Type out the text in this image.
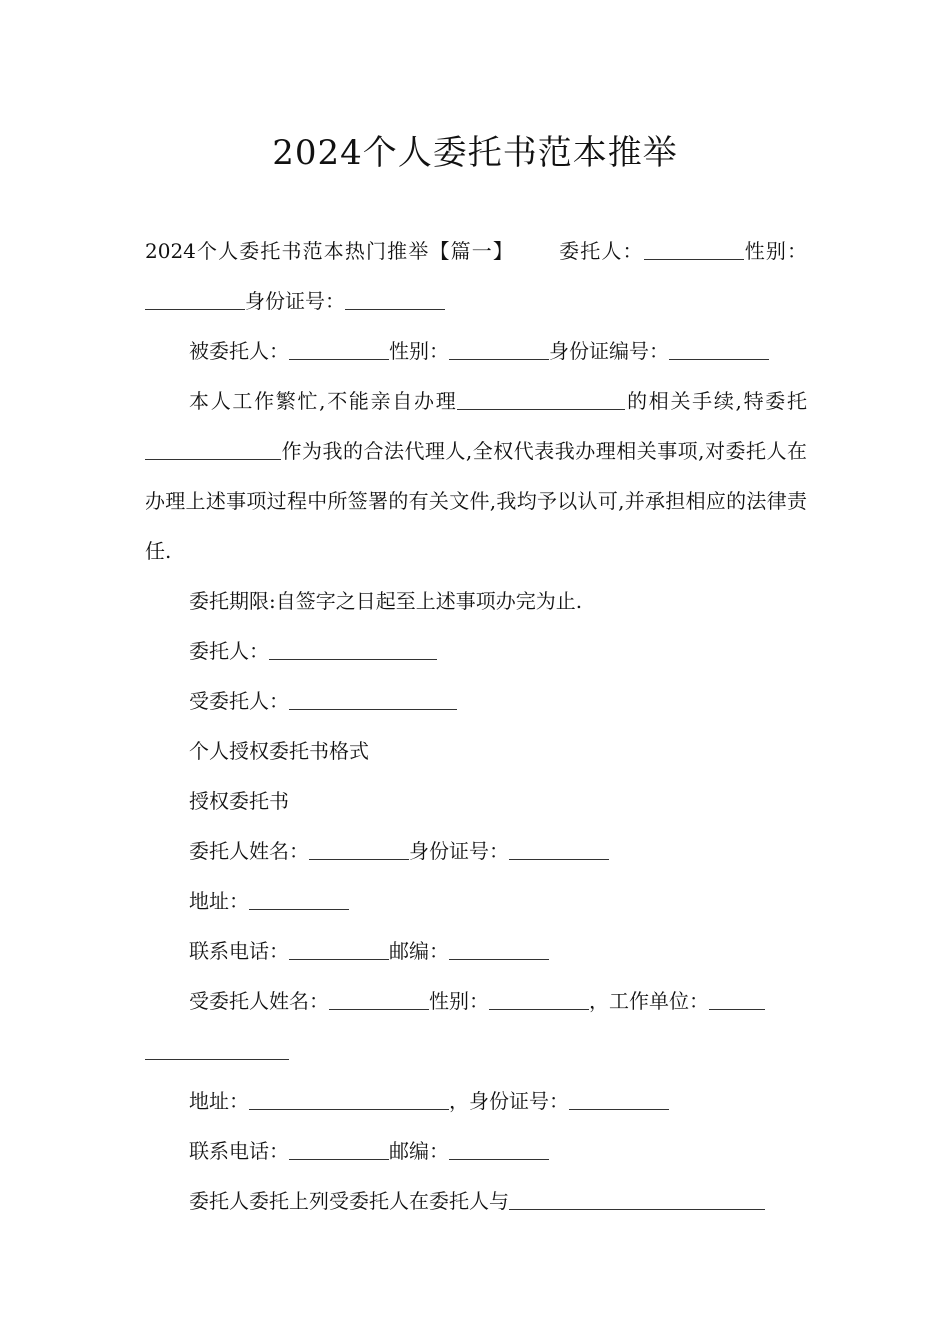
2024个人委托书范本推举

2024个人委托书范本热门推举【篇一】 委托人：	性别：身份证号：

被委托人：	性别：	身份证编号：

本人工作繁忙,不能亲自办理	的相关手续,特委托作为我的合法代理人,全权代表我办理相关事项,对委托人在办理上述事项过程中所签署的有关文件,我均予以认可,并承担相应的法律责任.

委托期限:自签字之日起至上述事项办完为止.

委托人：

受委托人：

个人授权委托书格式

授权委托书

委托人姓名：	身份证号：

地址：

联系电话：	邮编：

受委托人姓名：	性别：	，工作单位：

地址：	，身份证号：

联系电话：	邮编：

委托人委托上列受委托人在委托人与
